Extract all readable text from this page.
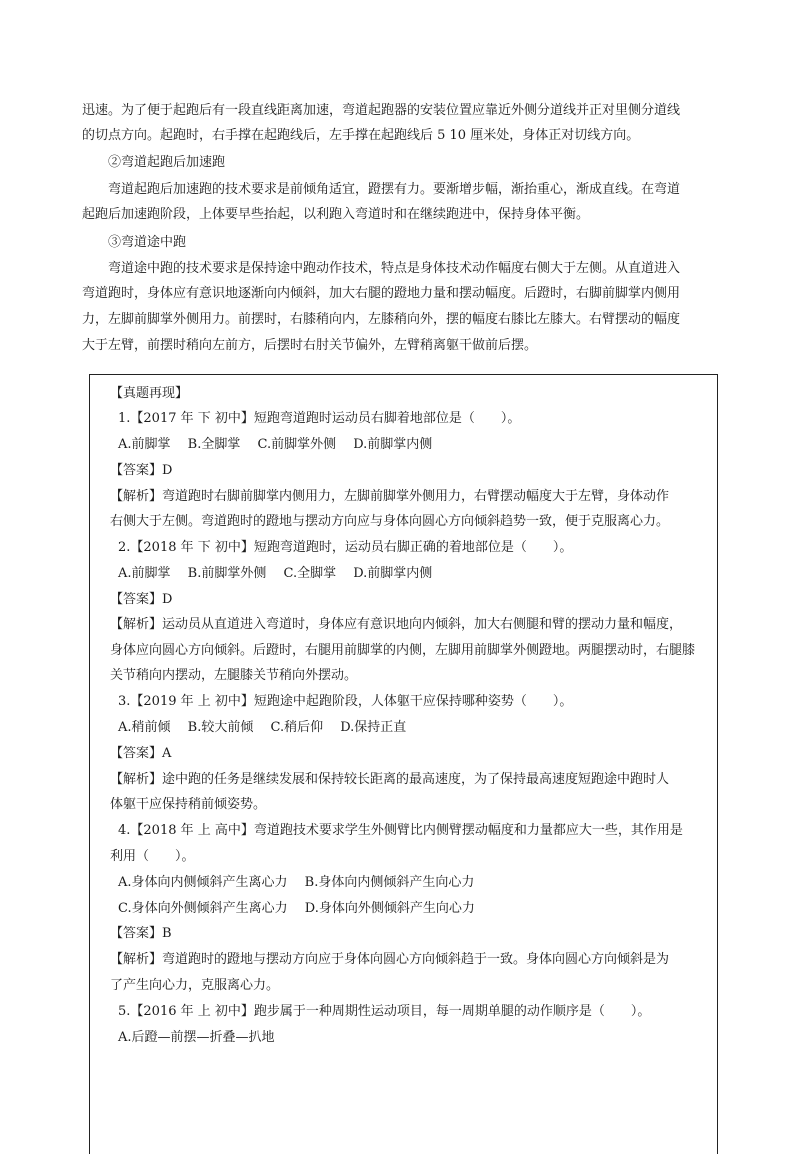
迅速。为了便于起跑后有一段直线距离加速，弯道起跑器的安装位置应靠近外侧分道线并正对里侧分道线
的切点方向。起跑时，右手撑在起跑线后，左手撑在起跑线后 5 10 厘米处，身体正对切线方向。
②弯道起跑后加速跑
弯道起跑后加速跑的技术要求是前倾角适宜，蹬摆有力。要渐增步幅，渐抬重心，渐成直线。在弯道
起跑后加速跑阶段，上体要早些抬起，以利跑入弯道时和在继续跑进中，保持身体平衡。
③弯道途中跑
弯道途中跑的技术要求是保持途中跑动作技术，特点是身体技术动作幅度右侧大于左侧。从直道进入
弯道跑时，身体应有意识地逐渐向内倾斜，加大右腿的蹬地力量和摆动幅度。后蹬时，右脚前脚掌内侧用
力，左脚前脚掌外侧用力。前摆时，右膝稍向内，左膝稍向外，摆的幅度右膝比左膝大。右臂摆动的幅度
大于左臂，前摆时稍向左前方，后摆时右肘关节偏外，左臂稍离躯干做前后摆。
【真题再现】
1.【2017 年 下 初中】短跑弯道跑时运动员右脚着地部位是（　　）。
A.前脚掌　 B.全脚掌　 C.前脚掌外侧　 D.前脚掌内侧
【答案】D
【解析】弯道跑时右脚前脚掌内侧用力，左脚前脚掌外侧用力，右臂摆动幅度大于左臂，身体动作
右侧大于左侧。弯道跑时的蹬地与摆动方向应与身体向圆心方向倾斜趋势一致，便于克服离心力。
2.【2018 年 下 初中】短跑弯道跑时，运动员右脚正确的着地部位是（　　）。
A.前脚掌　 B.前脚掌外侧　 C.全脚掌　 D.前脚掌内侧
【答案】D
【解析】运动员从直道进入弯道时，身体应有意识地向内倾斜，加大右侧腿和臂的摆动力量和幅度，
身体应向圆心方向倾斜。后蹬时，右腿用前脚掌的内侧，左脚用前脚掌外侧蹬地。两腿摆动时，右腿膝
关节稍向内摆动，左腿膝关节稍向外摆动。
3.【2019 年 上 初中】短跑途中起跑阶段，人体躯干应保持哪种姿势（　　）。
A.稍前倾　 B.较大前倾　 C.稍后仰　 D.保持正直
【答案】A
【解析】途中跑的任务是继续发展和保持较长距离的最高速度，为了保持最高速度短跑途中跑时人
体躯干应保持稍前倾姿势。
4.【2018 年 上 高中】弯道跑技术要求学生外侧臂比内侧臂摆动幅度和力量都应大一些，其作用是
利用（　　）。
A.身体向内侧倾斜产生离心力　 B.身体向内侧倾斜产生向心力
C.身体向外侧倾斜产生离心力　 D.身体向外侧倾斜产生向心力
【答案】B
【解析】弯道跑时的蹬地与摆动方向应于身体向圆心方向倾斜趋于一致。身体向圆心方向倾斜是为
了产生向心力，克服离心力。
5.【2016 年 上 初中】跑步属于一种周期性运动项目，每一周期单腿的动作顺序是（　　）。
A.后蹬—前摆—折叠—扒地
